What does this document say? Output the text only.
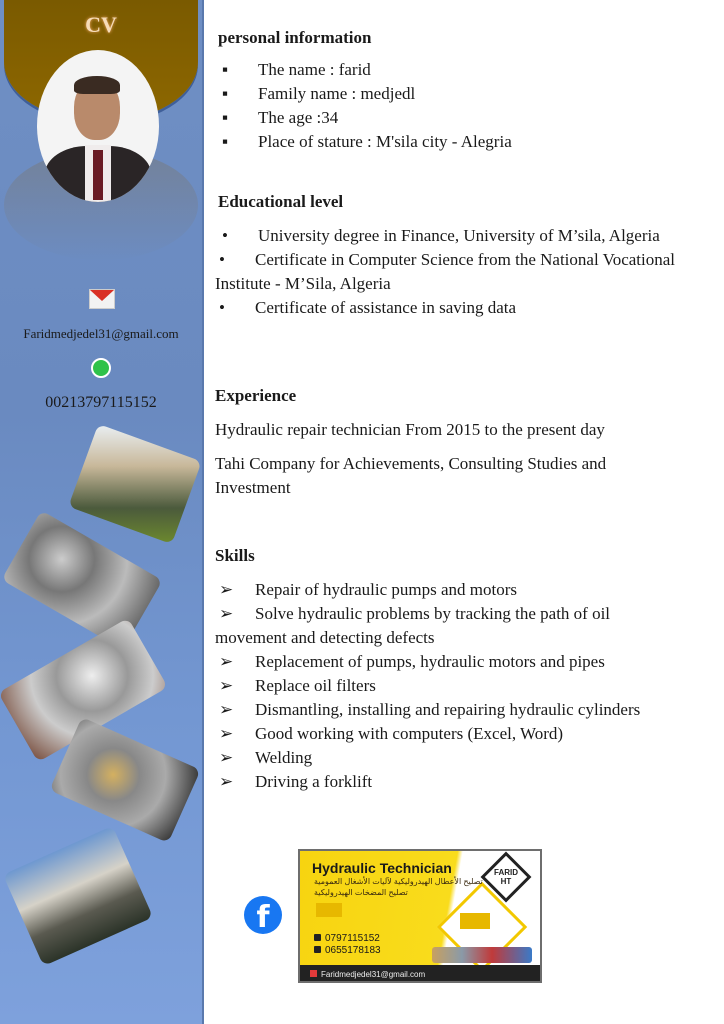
CV
Faridmedjedel31@gmail.com
00213797115152
personal information
▪ The name : farid
▪ Family name : medjedl
▪ The age :34
▪ Place of stature : M'sila city - Alegria
Educational level
• University degree in Finance, University of M’sila, Algeria
• Certificate in Computer Science from the National Vocational Institute - M’Sila, Algeria
• Certificate of assistance in saving data
Experience

Hydraulic repair technician From 2015 to the present day

Tahi Company for Achievements, Consulting Studies and Investment

Skills
➢ Repair of hydraulic pumps and motors
➢ Solve hydraulic problems by tracking the path of oil movement and detecting defects
➢ Replacement of pumps, hydraulic motors and pipes
➢ Replace oil filters
➢ Dismantling, installing and repairing hydraulic cylinders
➢ Good working with computers (Excel, Word)
➢ Welding
➢ Driving a forklift
f
FARID HT
Hydraulic Technician
تصليح الأعطال الهيدروليكية لآليات الأشغال العمومية
تصليح المضخات الهيدروليكية
0797115152
0655178183
Faridmedjedel31@gmail.com
